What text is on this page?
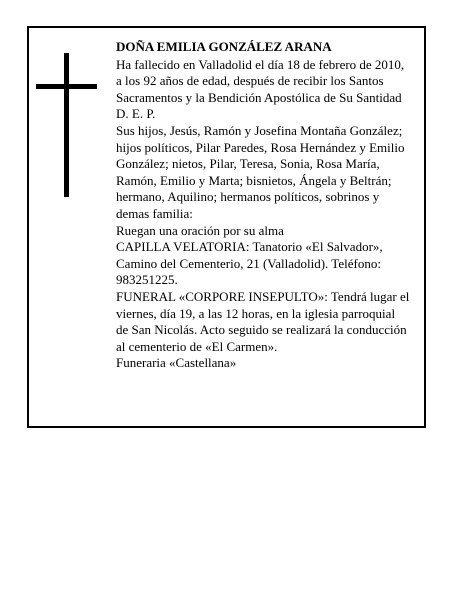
DOÑA EMILIA GONZÁLEZ ARANA
Ha fallecido en Valladolid el día 18 de febrero de 2010,
a los 92 años de edad, después de recibir los Santos
Sacramentos y la Bendición Apostólica de Su Santidad
D. E. P.
Sus hijos, Jesús, Ramón y Josefina Montaña González;
hijos políticos, Pilar Paredes, Rosa Hernández y Emilio
González; nietos, Pilar, Teresa, Sonia, Rosa María,
Ramón, Emilio y Marta; bisnietos, Ángela y Beltrán;
hermano, Aquilino; hermanos políticos, sobrinos y
demas familia:
Ruegan una oración por su alma
CAPILLA VELATORIA: Tanatorio «El Salvador»,
Camino del Cementerio, 21 (Valladolid). Teléfono:
983251225.
FUNERAL «CORPORE INSEPULTO»: Tendrá lugar el
viernes, día 19, a las 12 horas, en la iglesia parroquial
de San Nicolás. Acto seguido se realizará la conducción
al cementerio de «El Carmen».
Funeraria «Castellana»
